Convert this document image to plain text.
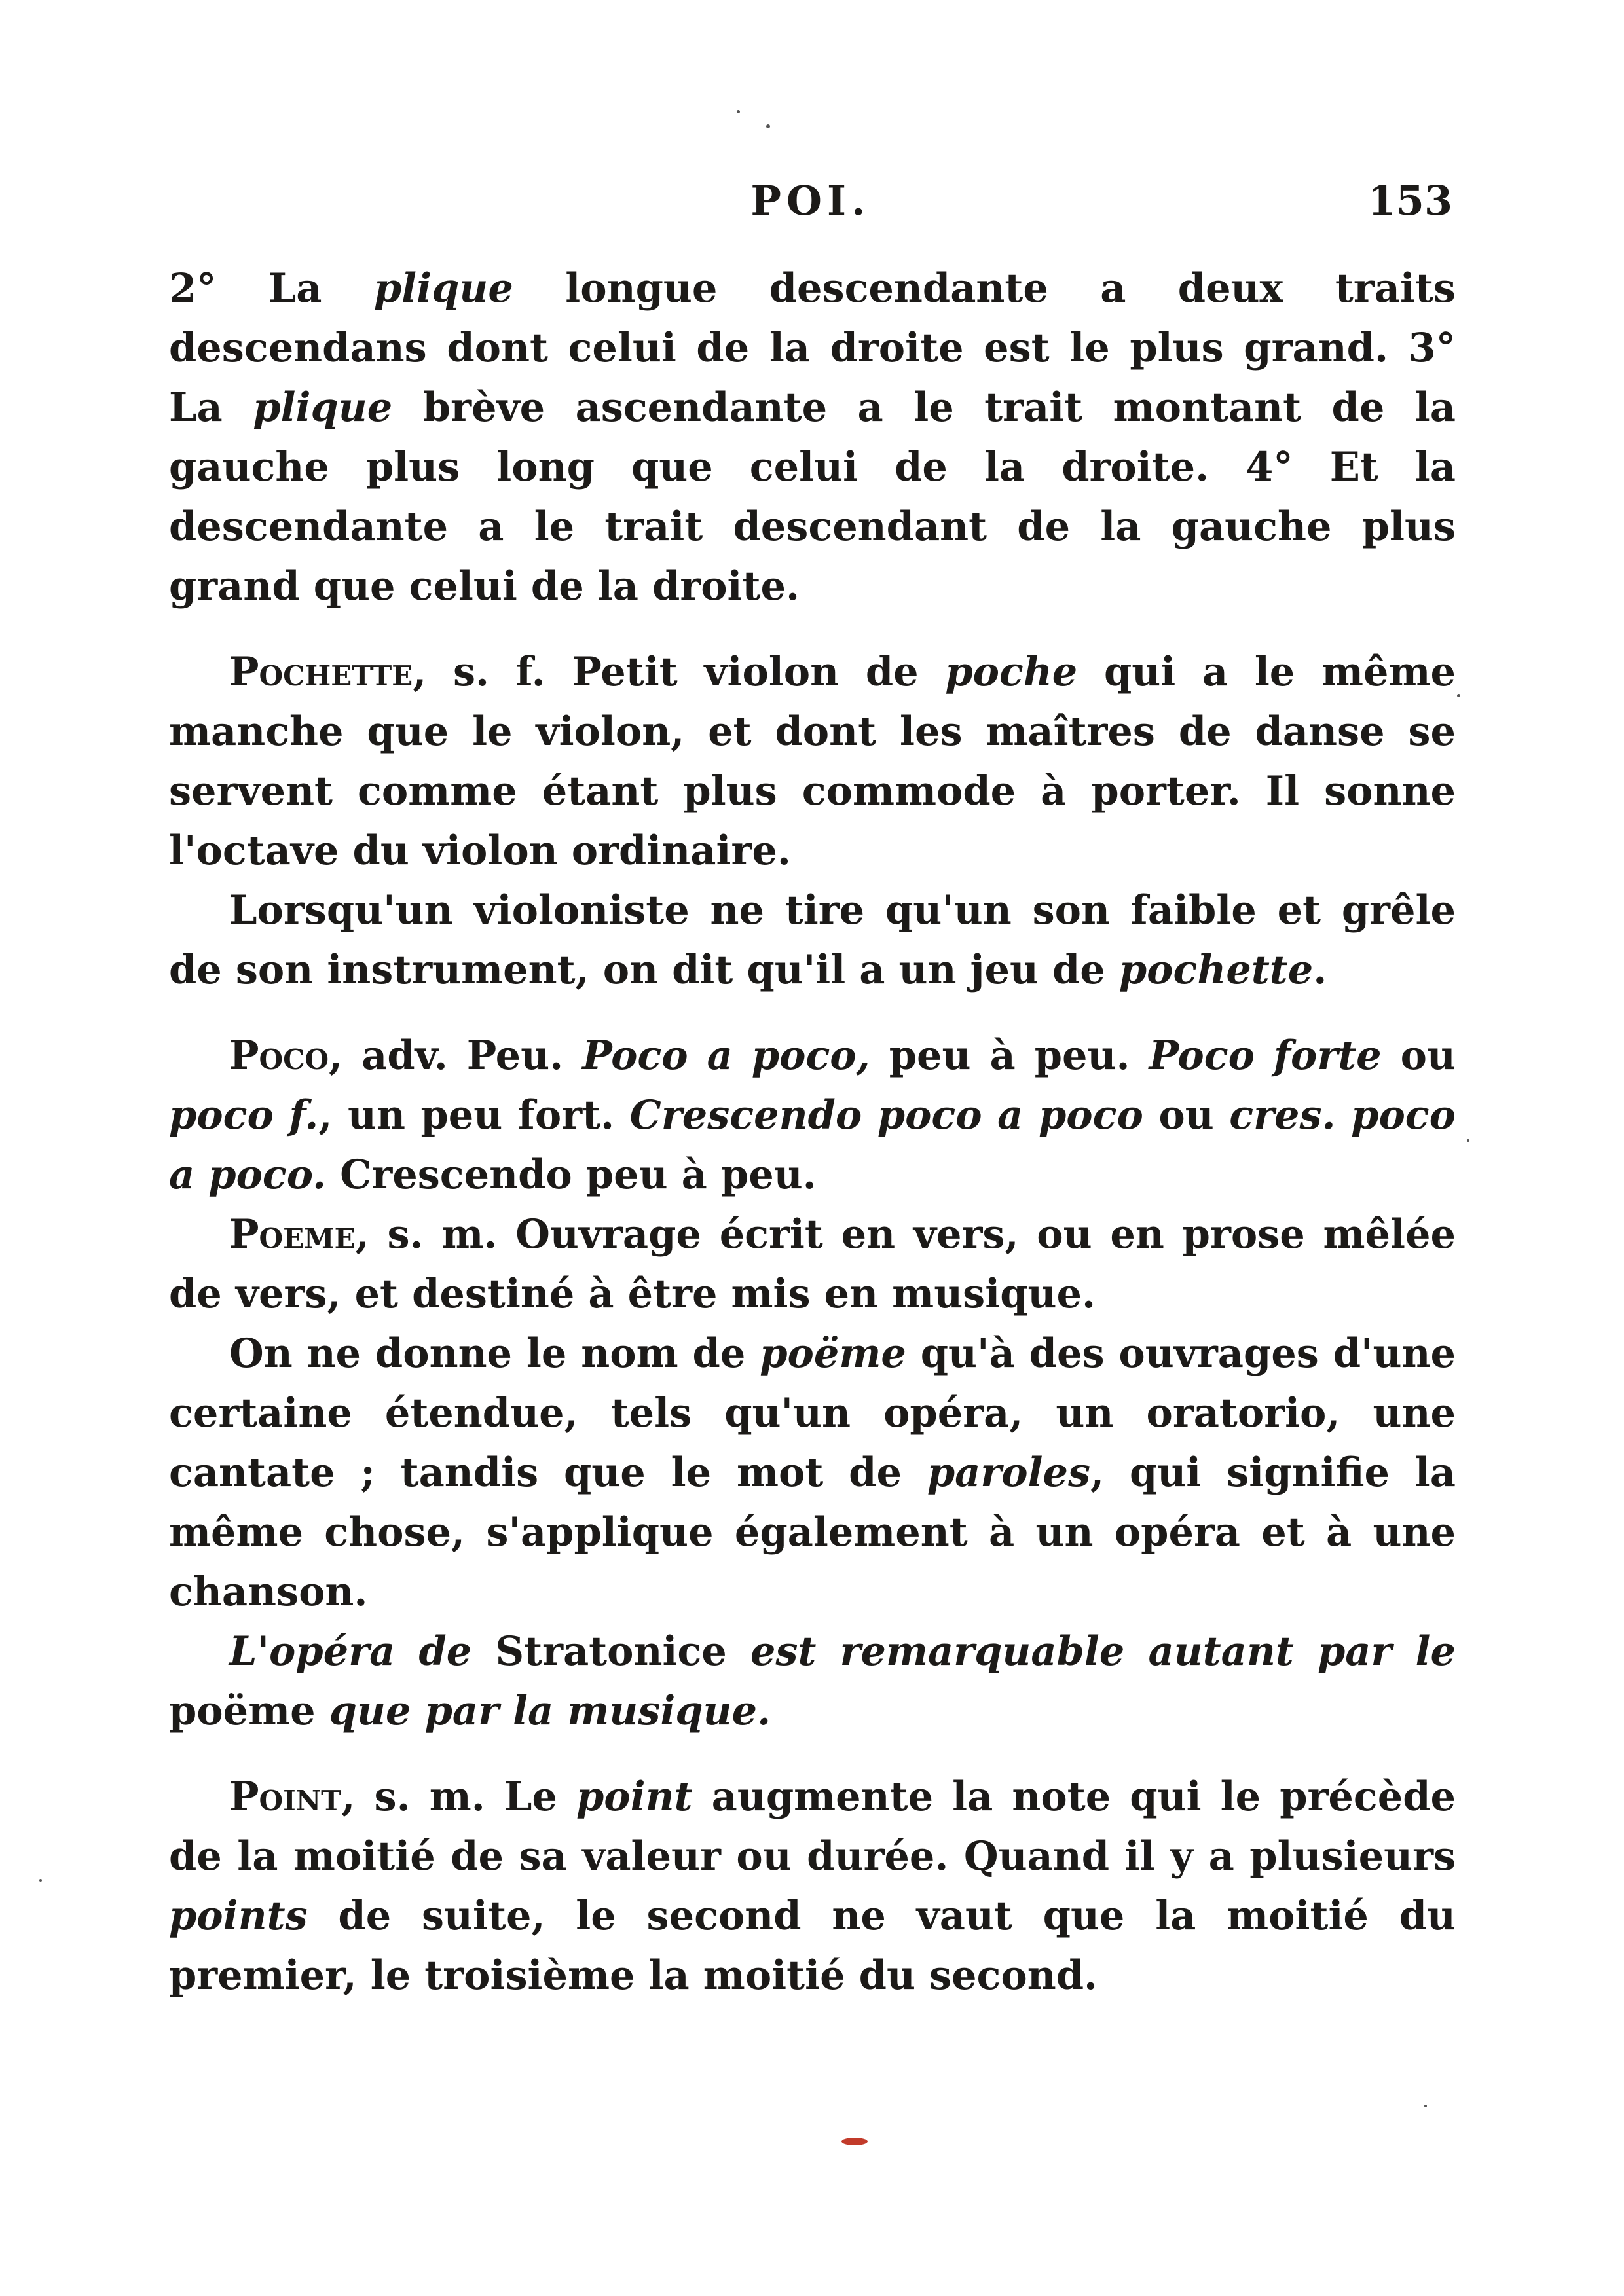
POI.	153

2° La plique longue descendante a deux traits descendans dont celui de la droite est le plus grand. 3° La plique brève ascendante a le trait montant de la gauche plus long que celui de la droite. 4° Et la descendante a le trait descendant de la gauche plus grand que celui de la droite.

Pochette, s. f. Petit violon de poche qui a le même manche que le violon, et dont les maîtres de danse se servent comme étant plus commode à porter. Il sonne l'octave du violon ordinaire.

Lorsqu'un violoniste ne tire qu'un son faible et grêle de son instrument, on dit qu'il a un jeu de pochette.

Poco, adv. Peu. Poco a poco, peu à peu. Poco forte ou poco f., un peu fort. Crescendo poco a poco ou cres. poco a poco. Crescendo peu à peu.

Poeme, s. m. Ouvrage écrit en vers, ou en prose mêlée de vers, et destiné à être mis en musique.

On ne donne le nom de poëme qu'à des ouvrages d'une certaine étendue, tels qu'un opéra, un oratorio, une cantate ; tandis que le mot de paroles, qui signifie la même chose, s'applique également à un opéra et à une chanson.

L'opéra de Stratonice est remarquable autant par le poëme que par la musique.

Point, s. m. Le point augmente la note qui le précède de la moitié de sa valeur ou durée. Quand il y a plusieurs points de suite, le second ne vaut que la moitié du premier, le troisième la moitié du second.
